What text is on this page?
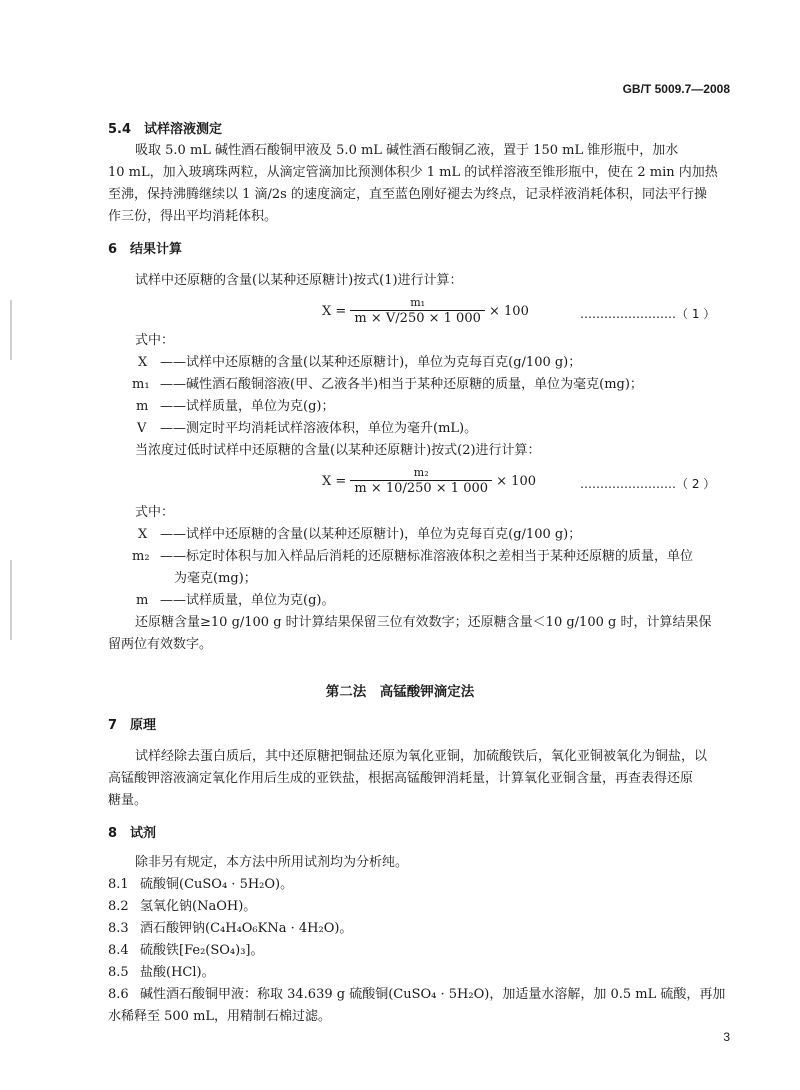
GB/T 5009.7—2008
5.4　试样溶液测定
吸取 5.0 mL 碱性酒石酸铜甲液及 5.0 mL 碱性酒石酸铜乙液，置于 150 mL 锥形瓶中，加水
10 mL，加入玻璃珠两粒，从滴定管滴加比预测体积少 1 mL 的试样溶液至锥形瓶中，使在 2 min 内加热
至沸，保持沸腾继续以 1 滴/2s 的速度滴定，直至蓝色刚好褪去为终点，记录样液消耗体积，同法平行操
作三份，得出平均消耗体积。
6　结果计算
试样中还原糖的含量(以某种还原糖计)按式(1)进行计算：
$X = \frac{\text{m₁}}{m \times V/250 \times 1 000} \times 100$	……………………（ 1 ）
式中：
X ——试样中还原糖的含量(以某种还原糖计)，单位为克每百克(g/100 g)；
m₁ ——碱性酒石酸铜溶液(甲、乙液各半)相当于某种还原糖的质量，单位为毫克(mg)；
m ——试样质量，单位为克(g)；
V ——测定时平均消耗试样溶液体积，单位为毫升(mL)。
当浓度过低时试样中还原糖的含量(以某种还原糖计)按式(2)进行计算：
$X = \frac{\text{m₂}}{m \times 10/250 \times 1 000} \times 100$	……………………（ 2 ）
式中：
X ——试样中还原糖的含量(以某种还原糖计)，单位为克每百克(g/100 g)；
m₂ ——标定时体积与加入样品后消耗的还原糖标准溶液体积之差相当于某种还原糖的质量，单位
为毫克(mg)；
m ——试样质量，单位为克(g)。
还原糖含量≥10 g/100 g 时计算结果保留三位有效数字；还原糖含量＜10 g/100 g 时，计算结果保
留两位有效数字。
第二法　高锰酸钾滴定法
7　原理
试样经除去蛋白质后，其中还原糖把铜盐还原为氧化亚铜，加硫酸铁后，氧化亚铜被氧化为铜盐，以
高锰酸钾溶液滴定氧化作用后生成的亚铁盐，根据高锰酸钾消耗量，计算氧化亚铜含量，再查表得还原
糖量。
8　试剂
除非另有规定，本方法中所用试剂均为分析纯。
8.1 硫酸铜(CuSO₄ · 5H₂O)。
8.2 氢氧化钠(NaOH)。
8.3 酒石酸钾钠(C₄H₄O₆KNa · 4H₂O)。
8.4 硫酸铁[Fe₂(SO₄)₃]。
8.5 盐酸(HCl)。
8.6 碱性酒石酸铜甲液：称取 34.639 g 硫酸铜(CuSO₄ · 5H₂O)，加适量水溶解，加 0.5 mL 硫酸，再加
水稀释至 500 mL，用精制石棉过滤。
3
